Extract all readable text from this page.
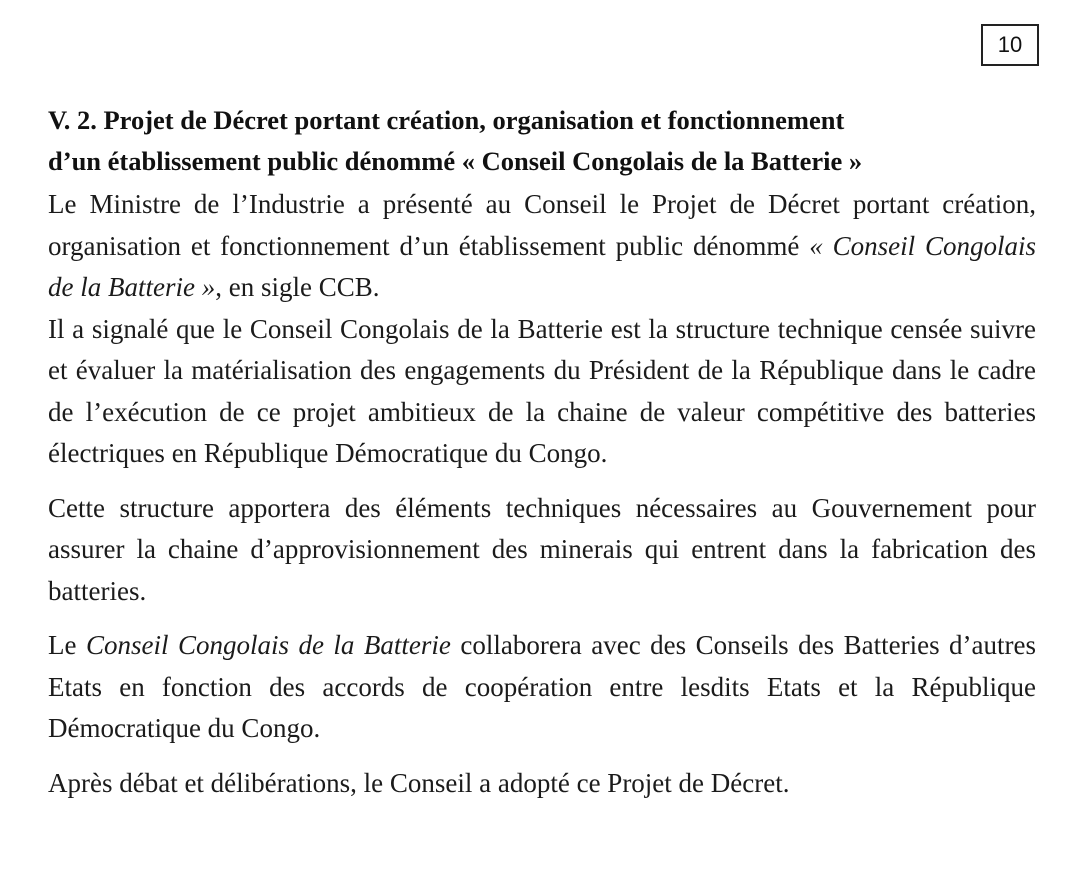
10
V. 2. Projet de Décret portant création, organisation et fonctionnement
d’un établissement public dénommé « Conseil Congolais de la Batterie »

Le Ministre de l’Industrie a présenté au Conseil le Projet de Décret portant création, organisation et fonctionnement d’un établissement public dénommé « Conseil Congolais de la Batterie », en sigle CCB.

Il a signalé que le Conseil Congolais de la Batterie est la structure technique censée suivre et évaluer la matérialisation des engagements du Président de la République dans le cadre de l’exécution de ce projet ambitieux de la chaine de valeur compétitive des batteries électriques en République Démocratique du Congo.

Cette structure apportera des éléments techniques nécessaires au Gouvernement pour assurer la chaine d’approvisionnement des minerais qui entrent dans la fabrication des batteries.

Le Conseil Congolais de la Batterie collaborera avec des Conseils des Batteries d’autres Etats en fonction des accords de coopération entre lesdits Etats et la République Démocratique du Congo.

Après débat et délibérations, le Conseil a adopté ce Projet de Décret.
